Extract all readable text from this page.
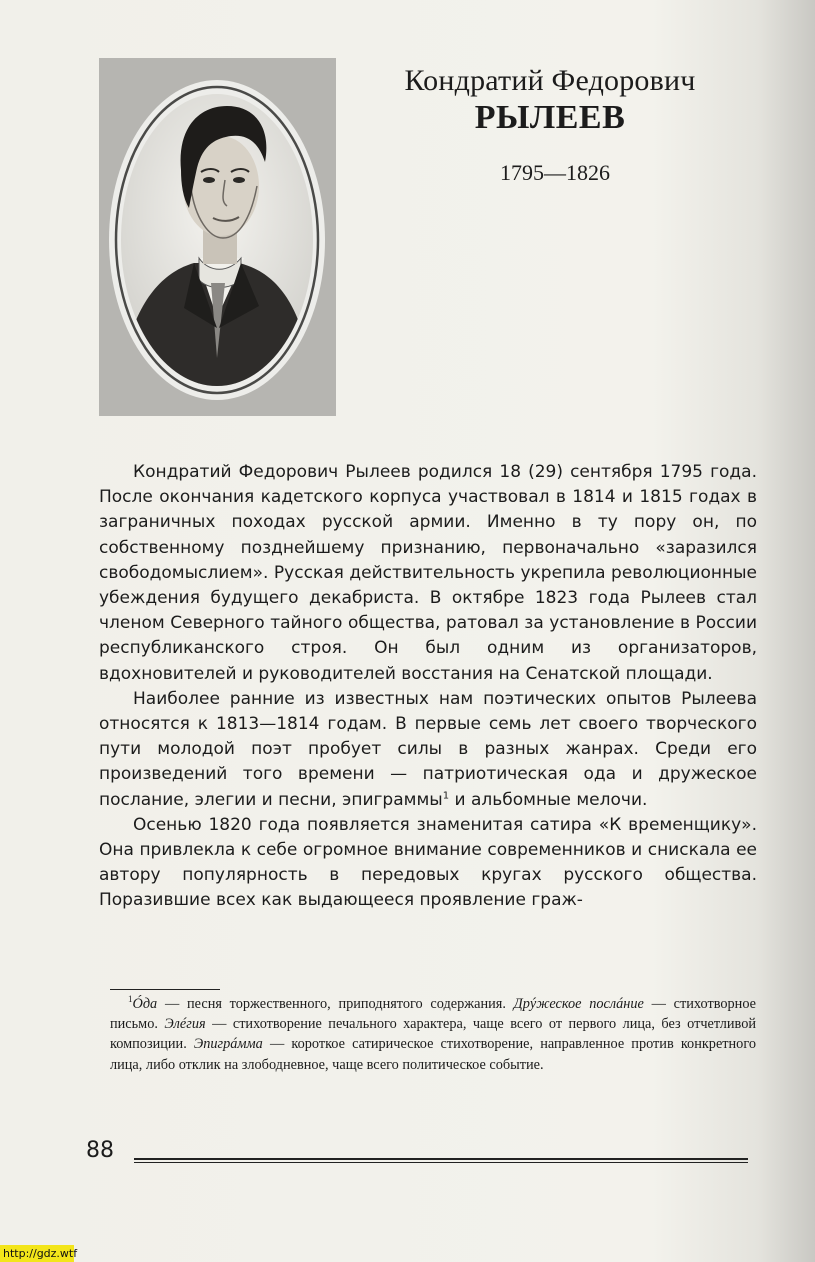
Кондратий Федорович
РЫЛЕЕВ
1795—1826

Кондратий Федорович Рылеев родился 18 (29) сентября 1795 года. После окончания кадетского корпуса участвовал в 1814 и 1815 годах в заграничных походах русской армии. Именно в ту пору он, по собственному позднейшему признанию, первоначально «заразился свободомыслием». Русская действительность укрепила революционные убеждения будущего декабриста. В октябре 1823 года Рылеев стал членом Северного тайного общества, ратовал за установление в России республиканского строя. Он был одним из организаторов, вдохновителей и руководителей восстания на Сенатской площади.

Наиболее ранние из известных нам поэтических опытов Рылеева относятся к 1813—1814 годам. В первые семь лет своего творческого пути молодой поэт пробует силы в разных жанрах. Среди его произведений того времени — патриотическая ода и дружеское послание, элегии и песни, эпиграммы$^1$ и альбомные мелочи.

Осенью 1820 года появляется знаменитая сатира «К временщику». Она привлекла к себе огромное внимание современников и снискала ее автору популярность в передовых кругах русского общества. Поразившие всех как выдающееся проявление граж-

$^1$Óда — песня торжественного, приподнятого содержания. Дрýжеское послáние — стихотворное письмо. Элéгия — стихотворение печального характера, чаще всего от первого лица, без отчетливой композиции. Эпигрáмма — короткое сатирическое стихотворение, направленное против конкретного лица, либо отклик на злободневное, чаще всего политическое событие.

88
http://gdz.wtf
